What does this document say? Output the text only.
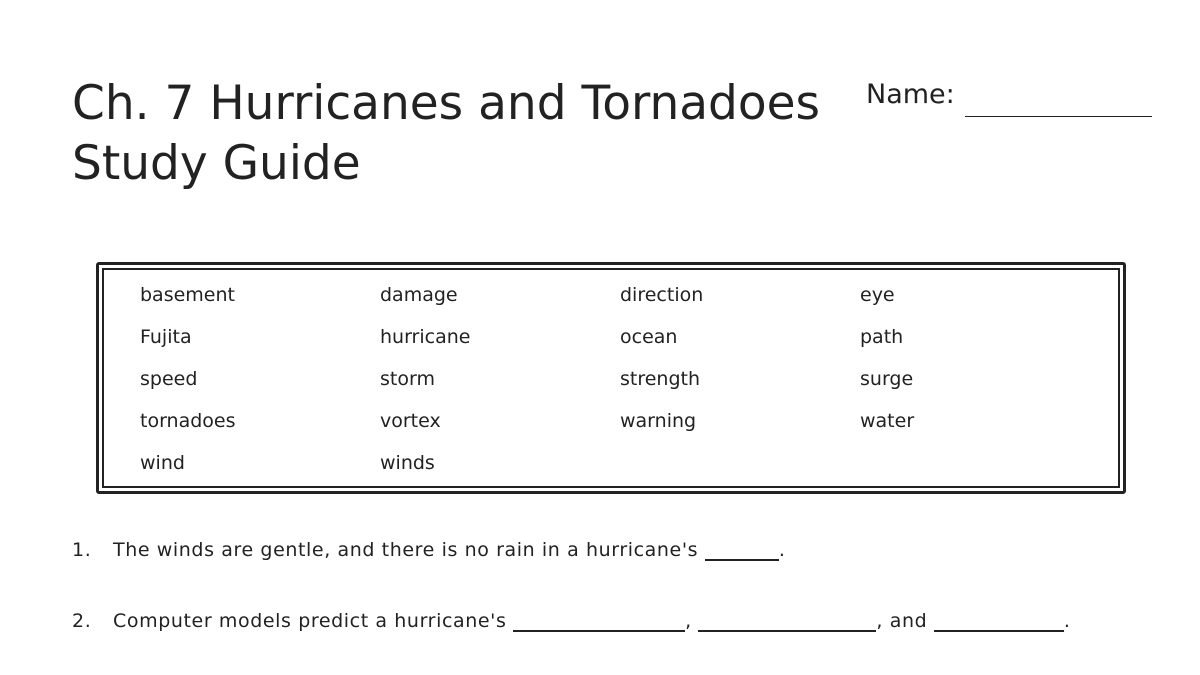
Ch. 7 Hurricanes and Tornadoes
Study Guide
Name:
basement	damage	direction	eye
Fujita	hurricane	ocean	path
speed	storm	strength	surge
tornadoes	vortex	warning	water
wind	winds
1. The winds are gentle, and there is no rain in a hurricane's	.
2. Computer models predict a hurricane's	,	, and	.
